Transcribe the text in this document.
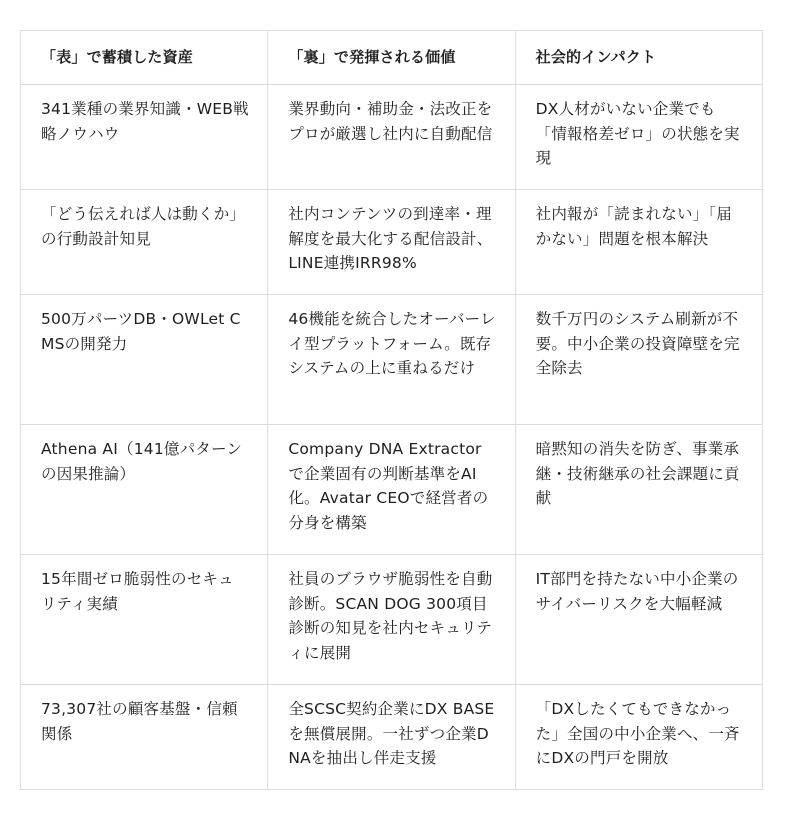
「表」で蓄積した資産	「裏」で発揮される価値	社会的インパクト
341業種の業界知識・WEB戦略ノウハウ	業界動向・補助金・法改正をプロが厳選し社内に自動配信	DX人材がいない企業でも「情報格差ゼロ」の状態を実現
「どう伝えれば人は動くか」の行動設計知見	社内コンテンツの到達率・理解度を最大化する配信設計、LINE連携IRR98%	社内報が「読まれない」「届かない」問題を根本解決
500万パーツDB・OWLet CMSの開発力	46機能を統合したオーバーレイ型プラットフォーム。既存システムの上に重ねるだけ	数千万円のシステム刷新が不要。中小企業の投資障壁を完全除去
Athena AI（141億パターンの因果推論）	Company DNA Extractorで企業固有の判断基準をAI化。Avatar CEOで経営者の分身を構築	暗黙知の消失を防ぎ、事業承継・技術継承の社会課題に貢献
15年間ゼロ脆弱性のセキュリティ実績	社員のブラウザ脆弱性を自動診断。SCAN DOG 300項目診断の知見を社内セキュリティに展開	IT部門を持たない中小企業のサイバーリスクを大幅軽減
73,307社の顧客基盤・信頼関係	全SCSC契約企業にDX BASEを無償展開。一社ずつ企業DNAを抽出し伴走支援	「DXしたくてもできなかった」全国の中小企業へ、一斉にDXの門戸を開放
